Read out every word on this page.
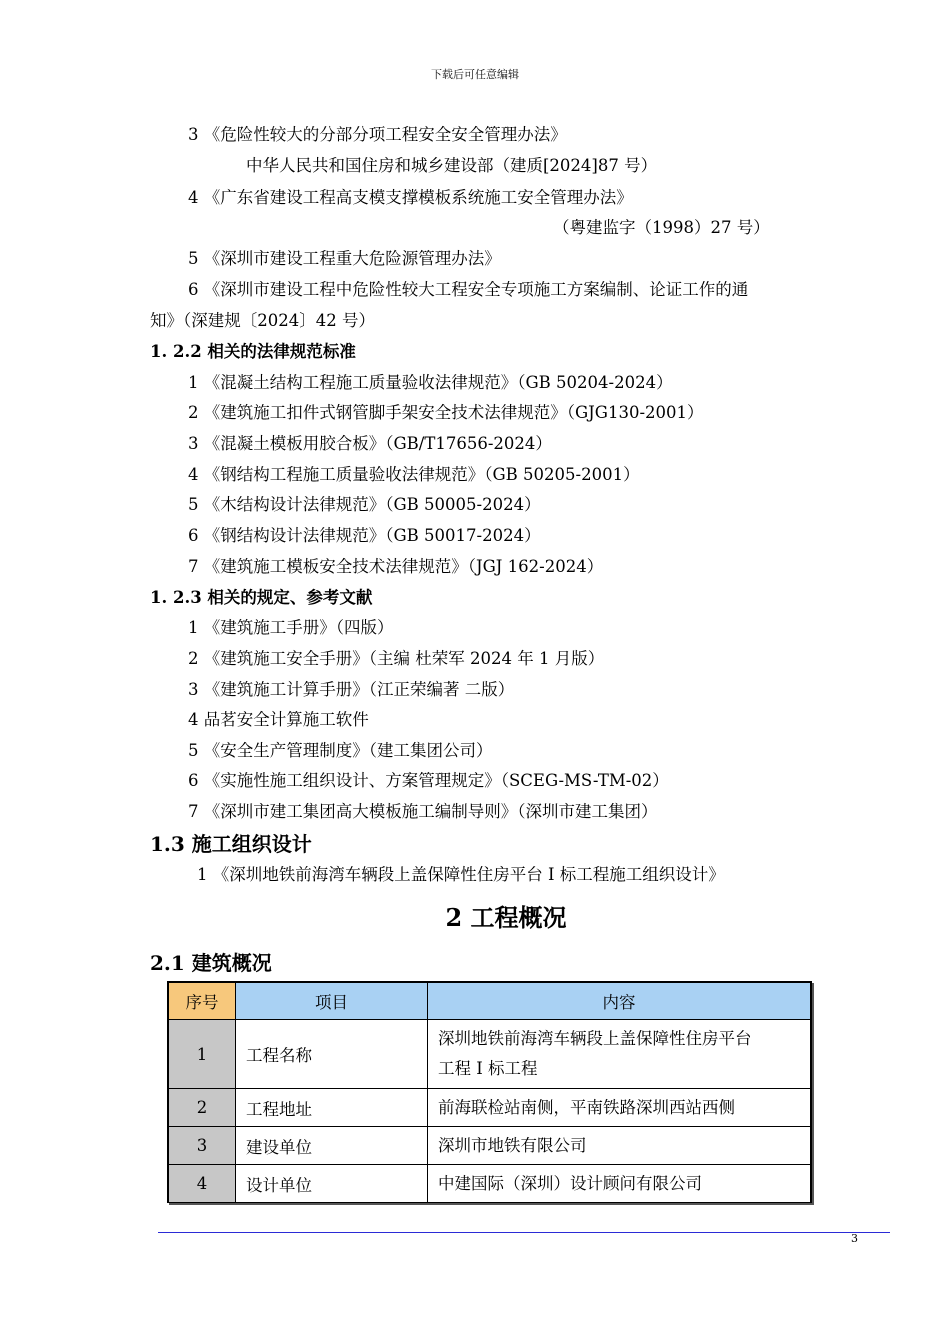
下载后可任意编辑
3 《危险性较大的分部分项工程安全安全管理办法》
中华人民共和国住房和城乡建设部（建质[2024]87 号）
4 《广东省建设工程高支模支撑模板系统施工安全管理办法》
（粤建监字（1998）27 号）
5 《深圳市建设工程重大危险源管理办法》
6 《深圳市建设工程中危险性较大工程安全专项施工方案编制、论证工作的通
知》（深建规〔2024〕42 号）
1. 2.2 相关的法律规范标准
1 《混凝土结构工程施工质量验收法律规范》（GB 50204-2024）
2 《建筑施工扣件式钢管脚手架安全技术法律规范》（GJG130-2001）
3 《混凝土模板用胶合板》（GB/T17656-2024）
4 《钢结构工程施工质量验收法律规范》（GB 50205-2001）
5 《木结构设计法律规范》（GB 50005-2024）
6 《钢结构设计法律规范》（GB 50017-2024）
7 《建筑施工模板安全技术法律规范》（JGJ 162-2024）
1. 2.3 相关的规定、参考文献
1 《建筑施工手册》（四版）
2 《建筑施工安全手册》（主编 杜荣军 2024 年 1 月版）
3 《建筑施工计算手册》（江正荣编著 二版）
4 品茗安全计算施工软件
5 《安全生产管理制度》（建工集团公司）
6 《实施性施工组织设计、方案管理规定》（SCEG-MS-TM-02）
7 《深圳市建工集团高大模板施工编制导则》（深圳市建工集团）
1.3 施工组织设计
1 《深圳地铁前海湾车辆段上盖保障性住房平台 I 标工程施工组织设计》
2 工程概况
2.1 建筑概况
序号	项目	内容
1	工程名称	深圳地铁前海湾车辆段上盖保障性住房平台
工程 I 标工程

2	工程地址	前海联检站南侧，平南铁路深圳西站西侧
3	建设单位	深圳市地铁有限公司
4	设计单位	中建国际（深圳）设计顾问有限公司
3
